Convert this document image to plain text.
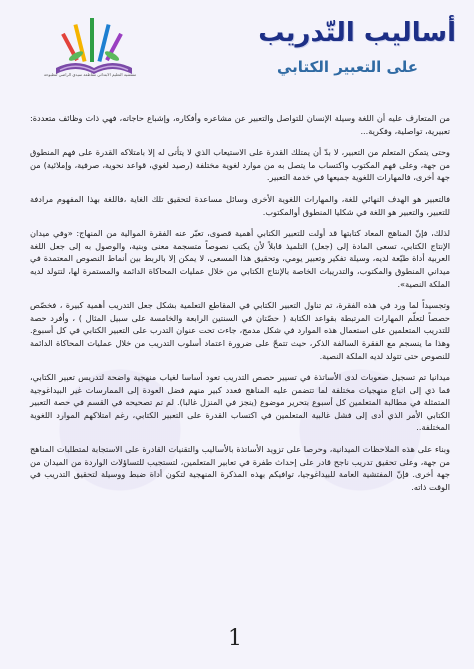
مفتشية التعليم الابتدائي مقاطعة سيدي الراضي لنطبوحة
أساليب التّدريب
على التعبير الكتابي

من المتعارف عليه أن اللغة وسيلة الإنسان للتواصل والتعبير عن مشاعره وأفكاره، وإشباع حاجاته، فهي ذات وظائف متعددة: تعبيرية، تواصلية، وفكرية...

وحتى يتمكن المتعلم من التعبير، لا بدّ أن يمتلك القدرة على الاستيعاب الذي لا يتأتى له إلا بامتلاكه القدرة على فهم المنطوق من جهة، وعلى فهم المكتوب واكتساب ما يتصل به من موارد لغوية مختلفة (رصيد لغوي، قواعد نحوية، صرفية، وإملائية) من جهة أخرى، فالمهارات اللغوية جميعها في خدمة التعبير.

فالتعبير هو الهدف النهائي للغة، والمهارات اللغوية الأخرى وسائل مساعدة لتحقيق تلك الغاية ،فاللغة بهذا المفهوم مرادفة للتعبير، والتعبير هو اللغة في شكليا المنطوق أوالمكتوب.

لذلك، فإنّ المناهج المعاد كتابتها قد أولت للتعبير الكتابي أهمية قصوى، تعبّر عنه الفقرة الموالية من المنهاج: «وفي ميدان الإنتاج الكتابي، تسعى المادة إلى (جعل) التلميذ قابلاً لأن يكتب نصوصاً متسجمة معنى وبنية، والوصول به إلى جعل اللغة العربية أداة طيّعة لديه، وسيلة تفكير وتعبير يومي، وتحقيق هذا المسعى، لا يمكن إلا بالربط بين أنماط النصوص المعتمدة في ميداني المنطوق والمكتوب، والتدريبات الخاصة بالإنتاج الكتابي من خلال عمليات المحاكاة الدائمة والمستمرة لها، لتتولد لديه الملكة النصية».

وتجسيداً لما ورد في هذه الفقرة، تم تناول التعبير الكتابي في المقاطع التعلمية بشكل جعل التدريب أهمية كبيرة ، فخصّص حصصاً لتعلّم المهارات المرتبطة بقواعد الكتابة ( حصّتان في السنتين الرابعة والخامسة على سبيل المثال ) ، وأفرد حصة للتدريب المتعلمين على استعمال هذه الموارد في شكل مدمج، جاءت تحت عنوان التدرب على التعبير الكتابي في كل أسبوع. وهذا ما ينسجم مع الفقرة السالفة الذكر، حيث تتمحّ على ضرورة اعتماد أسلوب التدريب من خلال عمليات المحاكاة الدائمة للنصوص حتى تتولد لديه الملكة النصية.

ميدانيا تم تسجيل صعوبات لدى الأساتذة في تسيير حصص التدريب تعود أساسا لغياب منهجية واضحة لتدريس تعبير الكتابي، فما ذي إلى اتباع منهجيات مختلفة لما تتضمن عليه المناهج فعدد كبير منهم فضل العودة إلى الممارسات غير البيداغوجية المتمثلة في مطالبة المتعلمين كل أسبوع بتحرير موضوع (ينجز في المنزل غالبا). لم تم تصحيحه في القسم في حصة التعبير الكتابي الأمر الذي أدى إلى فشل غالبية المتعلمين في اكتساب القدرة على التعبير الكتابي، رغم امتلاكهم الموارد اللغوية المختلفة..

وبناء على هذه الملاحظات الميدانية، وحرصا على تزويد الأساتذة بالأساليب والتقنيات القادرة على الاستجابة لمتطلبات المناهج من جهة، وعلى تحقيق تدريب ناجح قادر على إحداث طفرة في تعابير المتعلمين، لتستجيب للتساؤلات الواردة من الميدان من جهة أخرى. فإنّ المفتشية العامة للبيداغوجيا، توافيكم بهذه المذكرة المنهجية لتكون أداة ضبط ووسيلة لتحقيق التدريب في الوقت ذاته.

1
